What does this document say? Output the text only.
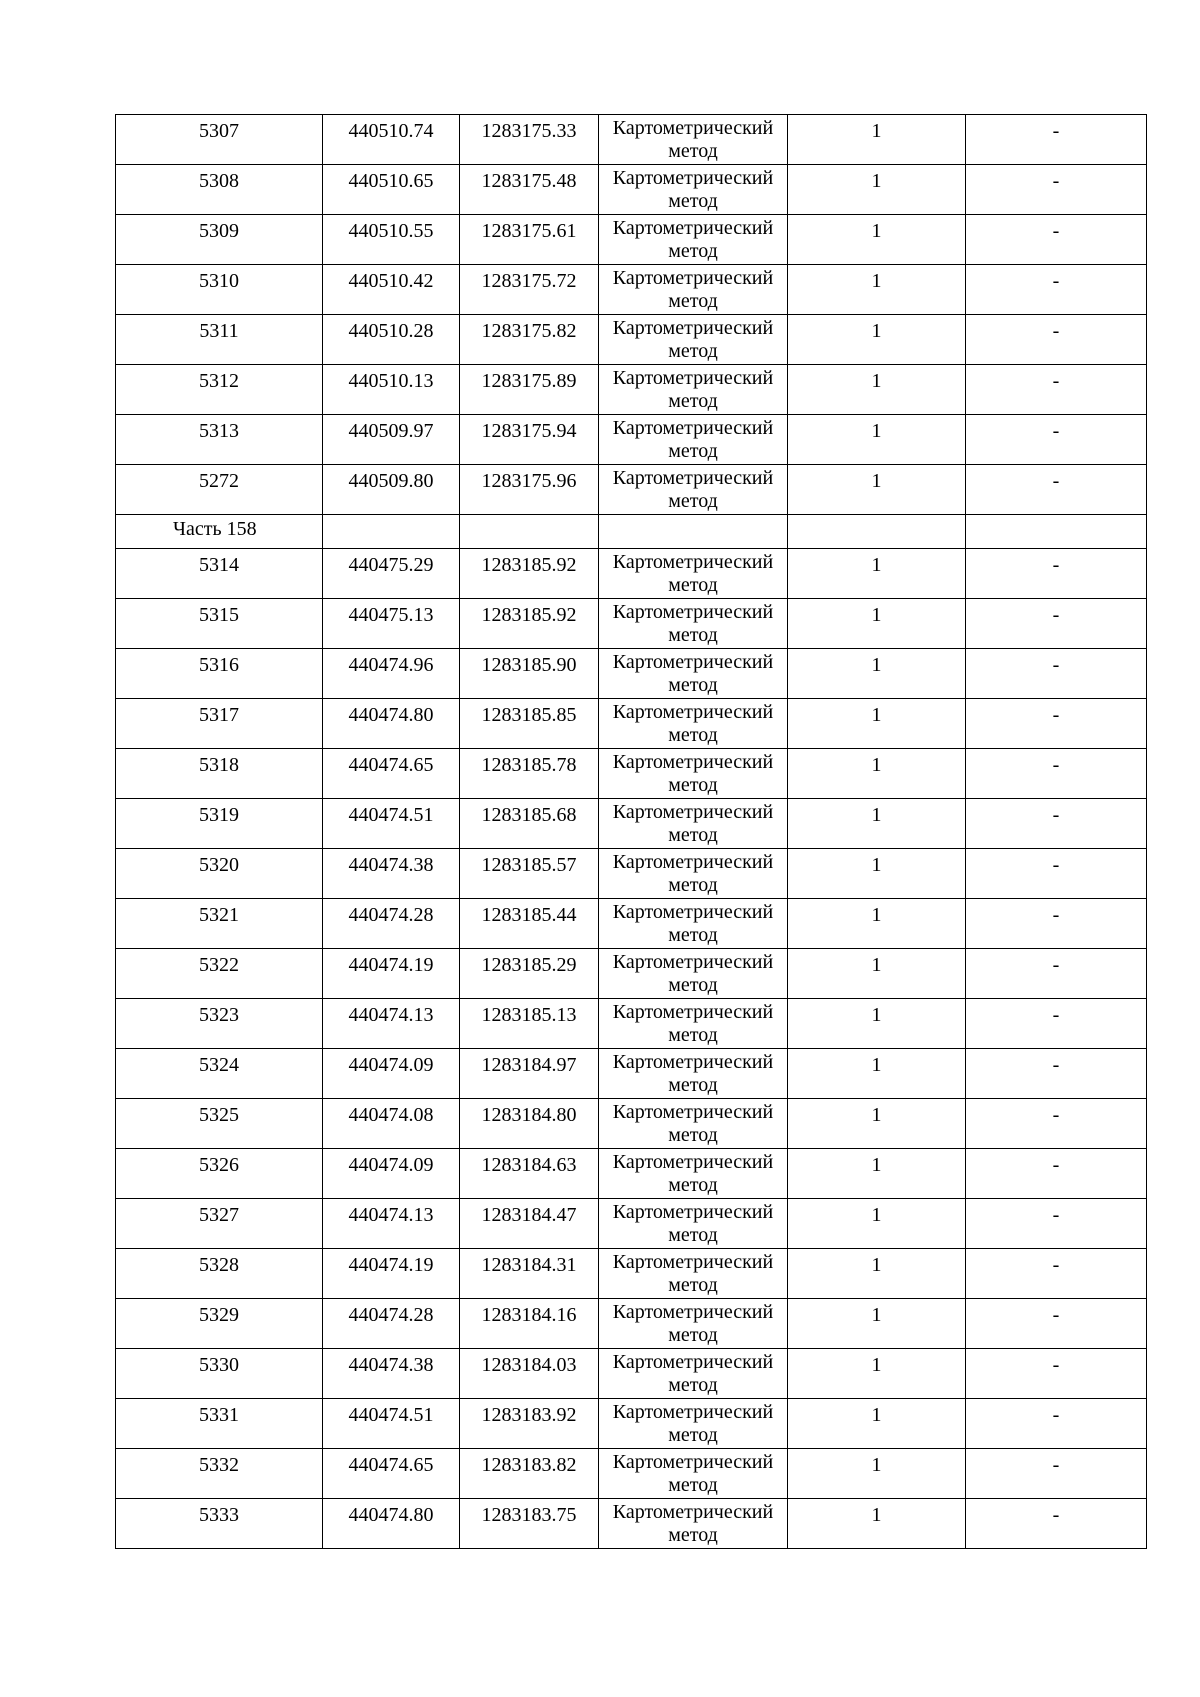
5307	440510.74	1283175.33	Картометрический метод	1	-
5308	440510.65	1283175.48	Картометрический метод	1	-
5309	440510.55	1283175.61	Картометрический метод	1	-
5310	440510.42	1283175.72	Картометрический метод	1	-
5311	440510.28	1283175.82	Картометрический метод	1	-
5312	440510.13	1283175.89	Картометрический метод	1	-
5313	440509.97	1283175.94	Картометрический метод	1	-
5272	440509.80	1283175.96	Картометрический метод	1	-
Часть 158					
5314	440475.29	1283185.92	Картометрический метод	1	-
5315	440475.13	1283185.92	Картометрический метод	1	-
5316	440474.96	1283185.90	Картометрический метод	1	-
5317	440474.80	1283185.85	Картометрический метод	1	-
5318	440474.65	1283185.78	Картометрический метод	1	-
5319	440474.51	1283185.68	Картометрический метод	1	-
5320	440474.38	1283185.57	Картометрический метод	1	-
5321	440474.28	1283185.44	Картометрический метод	1	-
5322	440474.19	1283185.29	Картометрический метод	1	-
5323	440474.13	1283185.13	Картометрический метод	1	-
5324	440474.09	1283184.97	Картометрический метод	1	-
5325	440474.08	1283184.80	Картометрический метод	1	-
5326	440474.09	1283184.63	Картометрический метод	1	-
5327	440474.13	1283184.47	Картометрический метод	1	-
5328	440474.19	1283184.31	Картометрический метод	1	-
5329	440474.28	1283184.16	Картометрический метод	1	-
5330	440474.38	1283184.03	Картометрический метод	1	-
5331	440474.51	1283183.92	Картометрический метод	1	-
5332	440474.65	1283183.82	Картометрический метод	1	-
5333	440474.80	1283183.75	Картометрический метод	1	-
